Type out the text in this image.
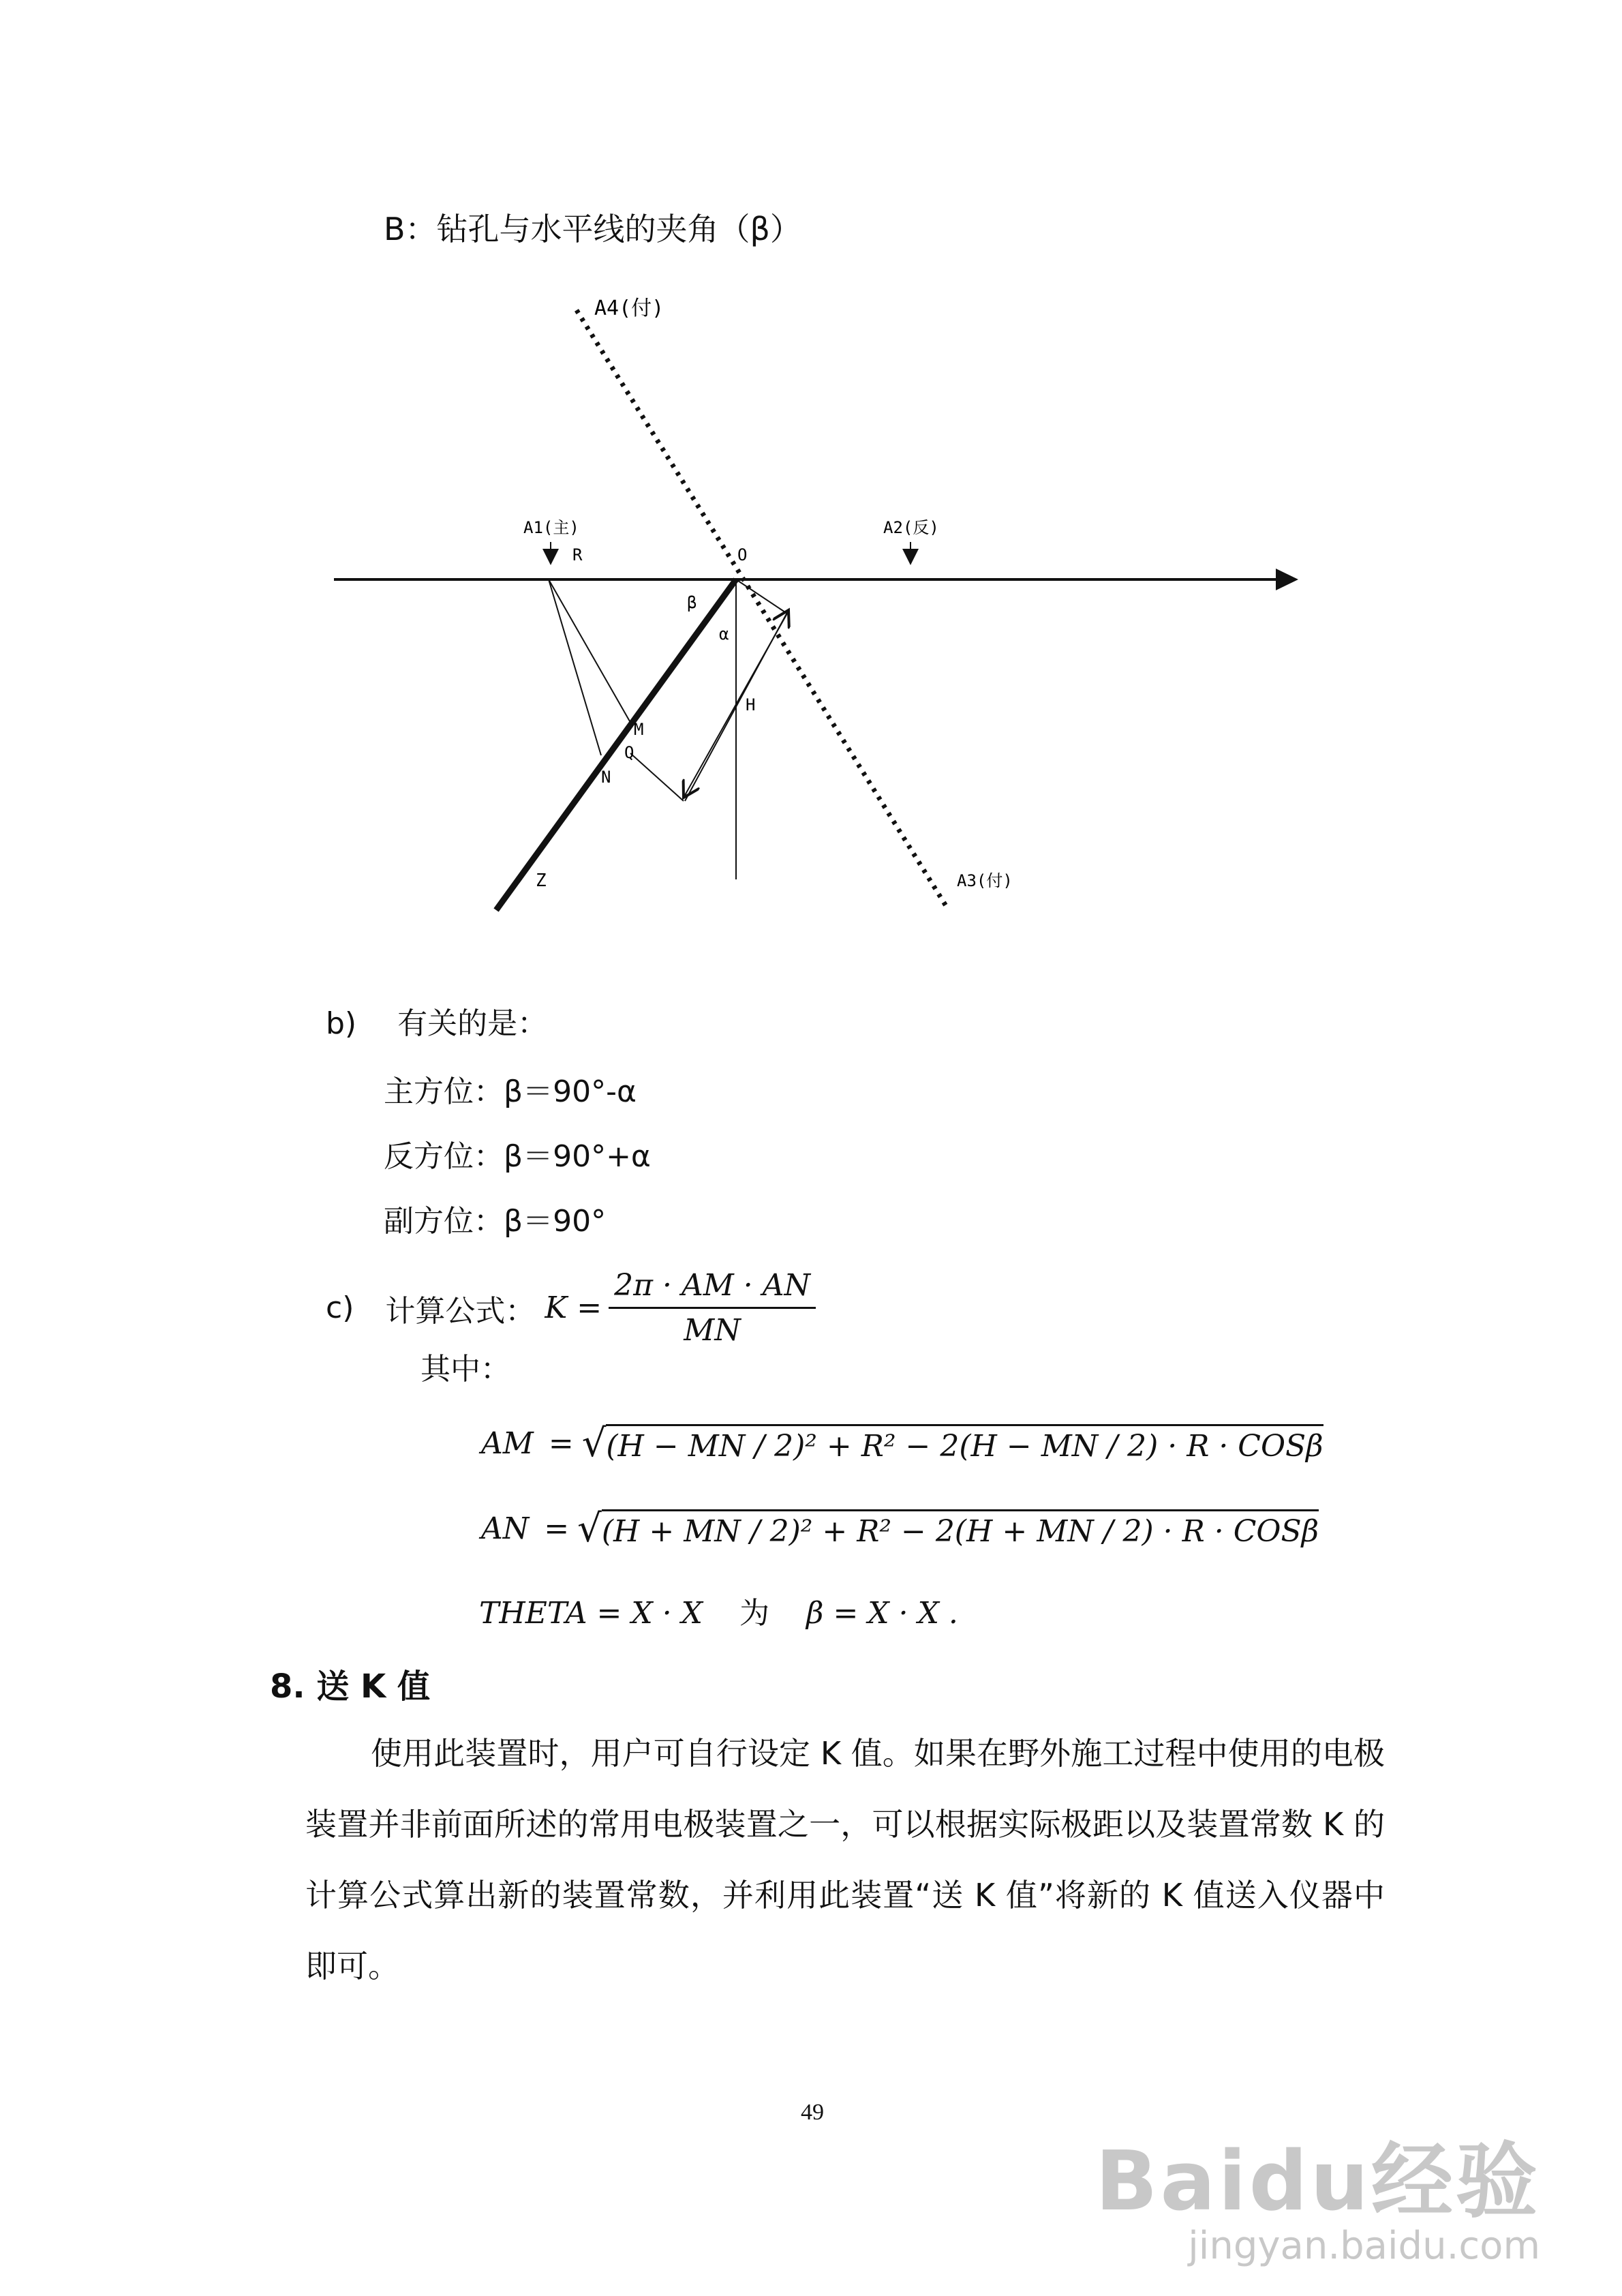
B：钻孔与水平线的夹角（β）
A4(付)
A1(主)
R	O
A2(反)
β
α
H
M
Q
N
Z	A3(付)
b) 有关的是：
主方位：β＝90°-α
反方位：β＝90°+α
副方位：β＝90°
c) 计算公式： $K = \frac{2\pi \cdot AM \cdot AN}{MN}$
其中：
AM = √ (H − MN / 2)² + R² − 2(H − MN / 2) · R · COSβ
AN = √ (H + MN / 2)² + R² − 2(H + MN / 2) · R · COSβ
THETA = X · X 为 β = X · X .
8. 送 K 值
使用此装置时，用户可自行设定 K 值。如果在野外施工过程中使用的电极装置并非前面所述的常用电极装置之一，可以根据实际极距以及装置常数 K 的计算公式算出新的装置常数，并利用此装置“送 K 值”将新的 K 值送入仪器中即可。
49
Baidu经验
jingyan.baidu.com
